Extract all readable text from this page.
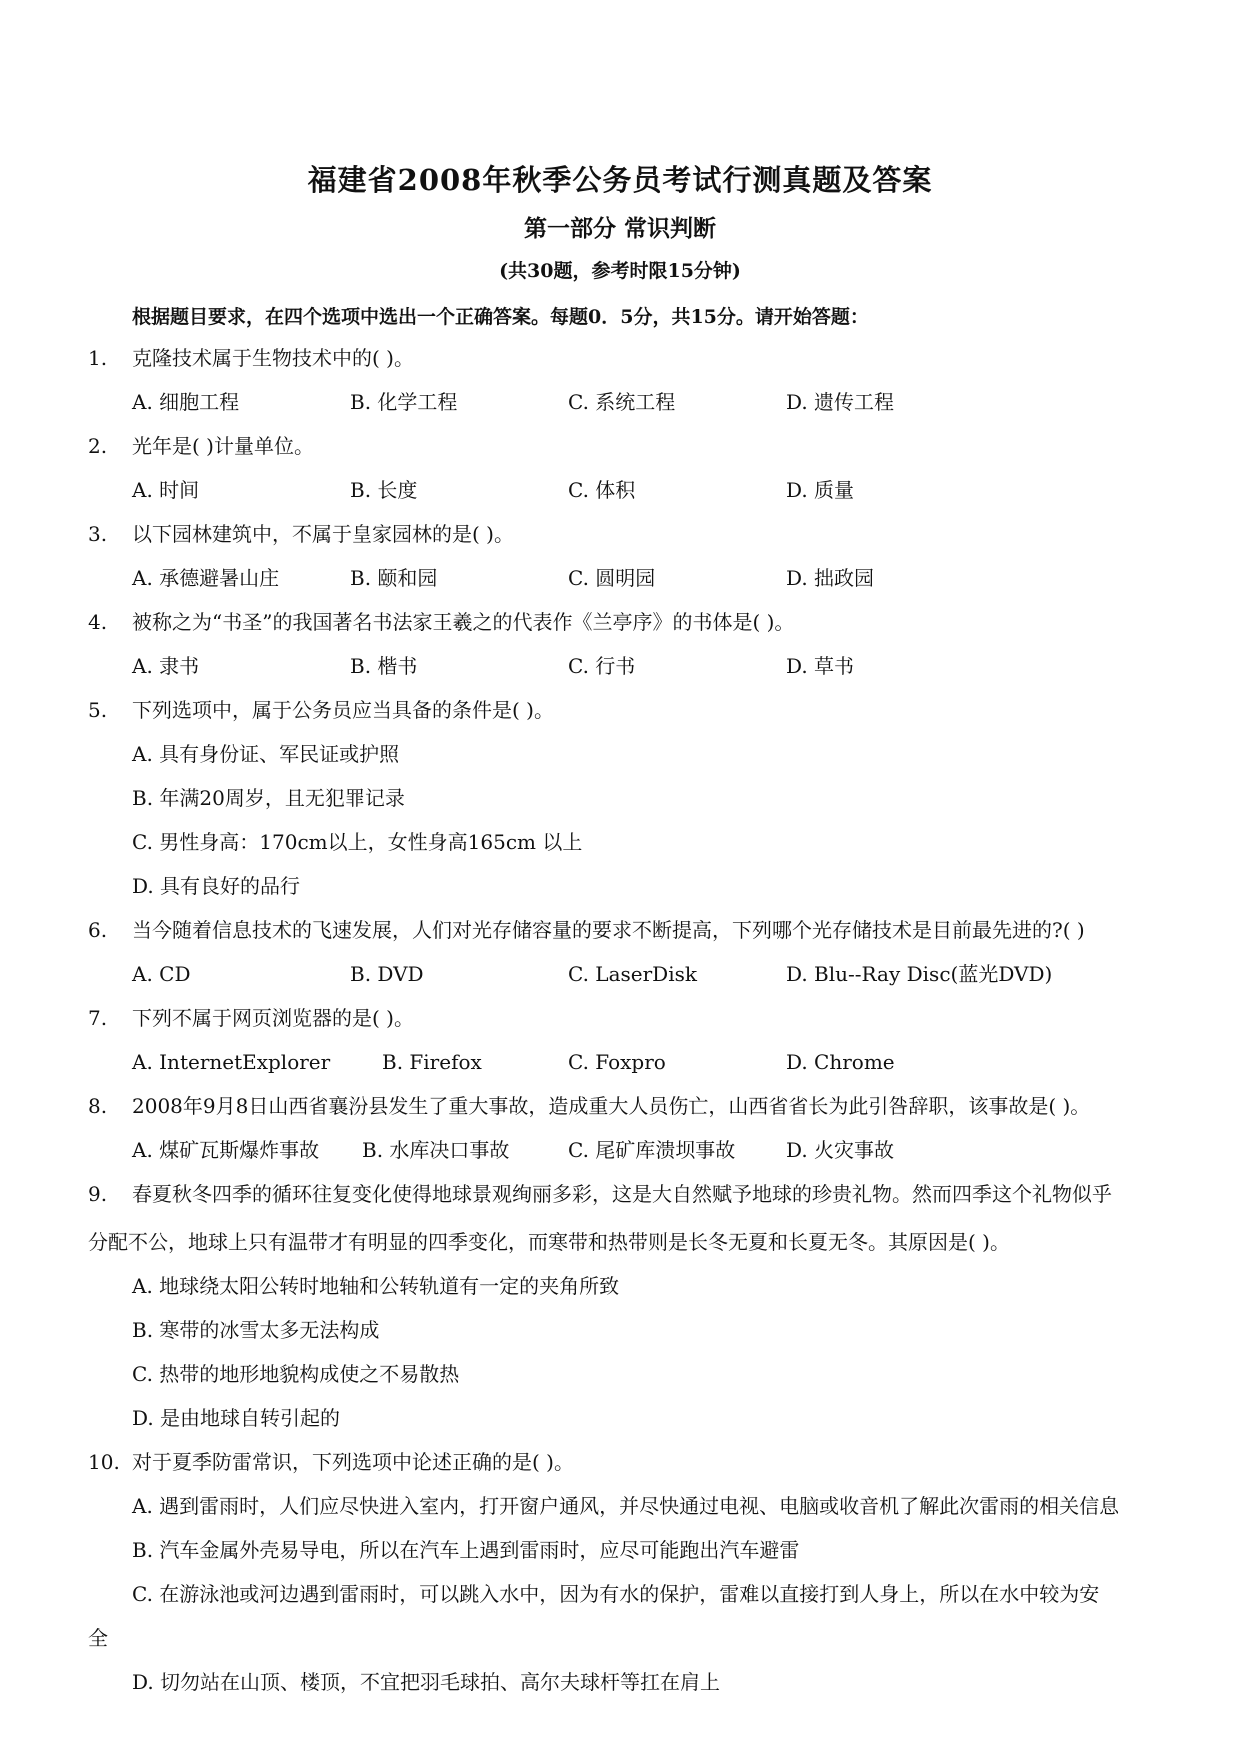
福建省2008年秋季公务员考试行测真题及答案
第一部分 常识判断
(共30题，参考时限15分钟)
根据题目要求，在四个选项中选出一个正确答案。每题0．5分，共15分。请开始答题：
1. 克隆技术属于生物技术中的( )。
A. 细胞工程	B. 化学工程	C. 系统工程	D. 遗传工程
2. 光年是( )计量单位。
A. 时间	B. 长度	C. 体积	D. 质量
3. 以下园林建筑中，不属于皇家园林的是( )。
A. 承德避暑山庄	B. 颐和园	C. 圆明园	D. 拙政园
4. 被称之为“书圣”的我国著名书法家王羲之的代表作《兰亭序》的书体是( )。
A. 隶书	B. 楷书	C. 行书	D. 草书
5. 下列选项中，属于公务员应当具备的条件是( )。
A. 具有身份证、军民证或护照
B. 年满20周岁，且无犯罪记录
C. 男性身高：170cm以上，女性身高165cm 以上
D. 具有良好的品行
6. 当今随着信息技术的飞速发展，人们对光存储容量的要求不断提高，下列哪个光存储技术是目前最先进的?( )
A. CD	B. DVD	C. LaserDisk	D. Blu--Ray Disc(蓝光DVD)
7. 下列不属于网页浏览器的是( )。
A. InternetExplorer	B. Firefox	C. Foxpro	D. Chrome
8. 2008年9月8日山西省襄汾县发生了重大事故，造成重大人员伤亡，山西省省长为此引咎辞职，该事故是( )。
A. 煤矿瓦斯爆炸事故 B. 水库决口事故	C. 尾矿库溃坝事故	D. 火灾事故
9. 春夏秋冬四季的循环往复变化使得地球景观绚丽多彩，这是大自然赋予地球的珍贵礼物。然而四季这个礼物似乎
分配不公，地球上只有温带才有明显的四季变化，而寒带和热带则是长冬无夏和长夏无冬。其原因是( )。
A. 地球绕太阳公转时地轴和公转轨道有一定的夹角所致
B. 寒带的冰雪太多无法构成
C. 热带的地形地貌构成使之不易散热
D. 是由地球自转引起的
10. 对于夏季防雷常识，下列选项中论述正确的是( )。
A. 遇到雷雨时，人们应尽快进入室内，打开窗户通风，并尽快通过电视、电脑或收音机了解此次雷雨的相关信息
B. 汽车金属外壳易导电，所以在汽车上遇到雷雨时，应尽可能跑出汽车避雷
C. 在游泳池或河边遇到雷雨时，可以跳入水中，因为有水的保护，雷难以直接打到人身上，所以在水中较为安
全
D. 切勿站在山顶、楼顶，不宜把羽毛球拍、高尔夫球杆等扛在肩上
